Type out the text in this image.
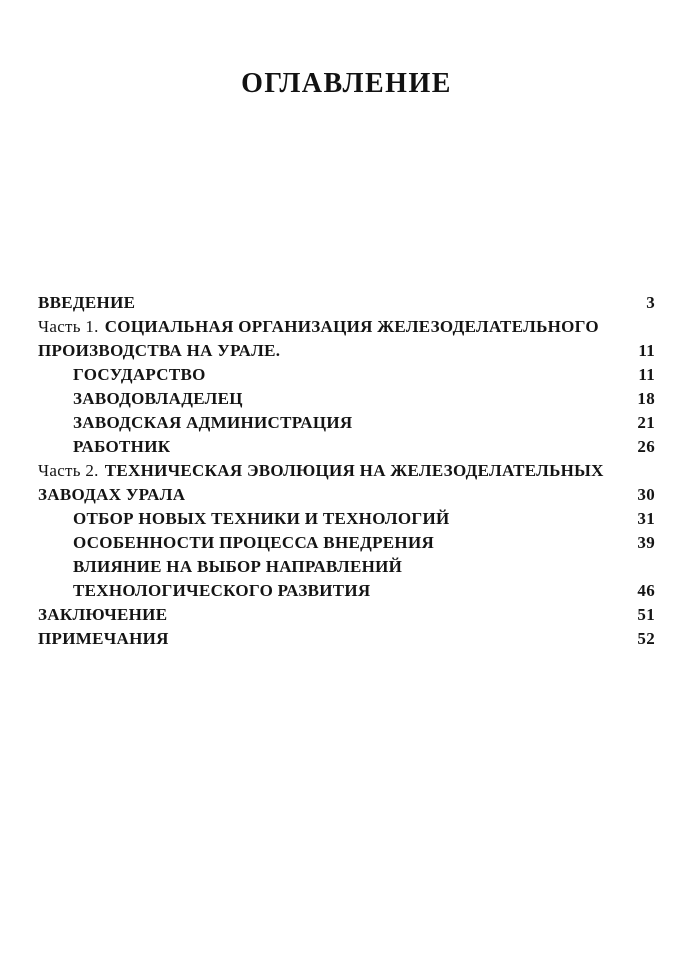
ОГЛАВЛЕНИЕ
ВВЕДЕНИЕ	3
Часть 1. СОЦИАЛЬНАЯ ОРГАНИЗАЦИЯ ЖЕЛЕЗОДЕЛАТЕЛЬНОГО
ПРОИЗВОДСТВА НА УРАЛЕ.	11
ГОСУДАРСТВО	11
ЗАВОДОВЛАДЕЛЕЦ	18
ЗАВОДСКАЯ АДМИНИСТРАЦИЯ	21
РАБОТНИК	26
Часть 2. ТЕХНИЧЕСКАЯ ЭВОЛЮЦИЯ НА ЖЕЛЕЗОДЕЛАТЕЛЬНЫХ
ЗАВОДАХ УРАЛА	30
ОТБОР НОВЫХ ТЕХНИКИ И ТЕХНОЛОГИЙ	31
ОСОБЕННОСТИ ПРОЦЕССА ВНЕДРЕНИЯ	39
ВЛИЯНИЕ НА ВЫБОР НАПРАВЛЕНИЙ
ТЕХНОЛОГИЧЕСКОГО РАЗВИТИЯ	46
ЗАКЛЮЧЕНИЕ	51
ПРИМЕЧАНИЯ	52
